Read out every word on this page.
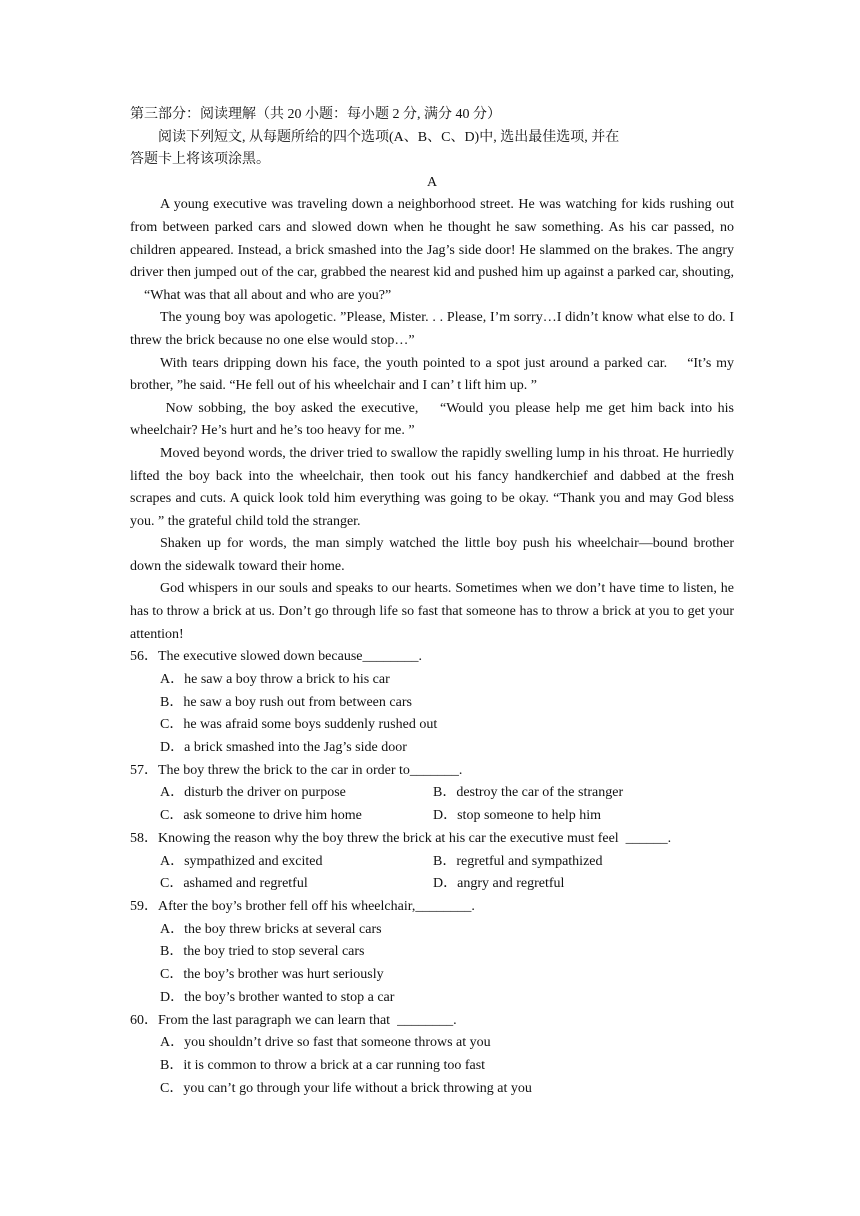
第三部分：阅读理解（共 20 小题：每小题 2 分, 满分 40 分）
阅读下列短文, 从每题所给的四个选项(A、B、C、D)中, 选出最佳选项, 并在
答题卡上将该项涂黑。
A

A young executive was traveling down a neighborhood street. He was watching for kids rushing out from between parked cars and slowed down when he thought he saw something. As his car passed, no children appeared. Instead, a brick smashed into the Jag’s side door! He slammed on the brakes. The angry driver then jumped out of the car, grabbed the nearest kid and pushed him up against a parked car, shouting, 　“What was that all about and who are you?”

The young boy was apologetic. ”Please, Mister. . . Please, I’m sorry…I didn’t know what else to do. I threw the brick because no one else would stop…”

With tears dripping down his face, the youth pointed to a spot just around a parked car. 　“It’s my brother, ”he said. “He fell out of his wheelchair and I can’ t lift him up. ”

Now sobbing, the boy asked the executive, 　“Would you please help me get him back into his wheelchair? He’s hurt and he’s too heavy for me. ”

Moved beyond words, the driver tried to swallow the rapidly swelling lump in his throat. He hurriedly lifted the boy back into the wheelchair, then took out his fancy handkerchief and dabbed at the fresh scrapes and cuts. A quick look told him everything was going to be okay. “Thank you and may God bless you. ” the grateful child told the stranger.

Shaken up for words, the man simply watched the little boy push his wheelchair—bound brother down the sidewalk toward their home.

God whispers in our souls and speaks to our hearts. Sometimes when we don’t have time to listen, he has to throw a brick at us. Don’t go through life so fast that someone has to throw a brick at you to get your attention!

56．The executive slowed down because________.
A．he saw a boy throw a brick to his car
B．he saw a boy rush out from between cars
C．he was afraid some boys suddenly rushed out
D．a brick smashed into the Jag’s side door
57．The boy threw the brick to the car in order to_______.
A．disturb the driver on purpose	B．destroy the car of the stranger
C．ask someone to drive him home	D．stop someone to help him
58．Knowing the reason why the boy threw the brick at his car the executive must feel  ______.
A．sympathized and excited	B．regretful and sympathized
C．ashamed and regretful	D．angry and regretful
59．After the boy’s brother fell off his wheelchair,________.
A．the boy threw bricks at several cars
B．the boy tried to stop several cars
C．the boy’s brother was hurt seriously
D．the boy’s brother wanted to stop a car
60．From the last paragraph we can learn that  ________.
A．you shouldn’t drive so fast that someone throws at you
B．it is common to throw a brick at a car running too fast
C．you can’t go through your life without a brick throwing at you
